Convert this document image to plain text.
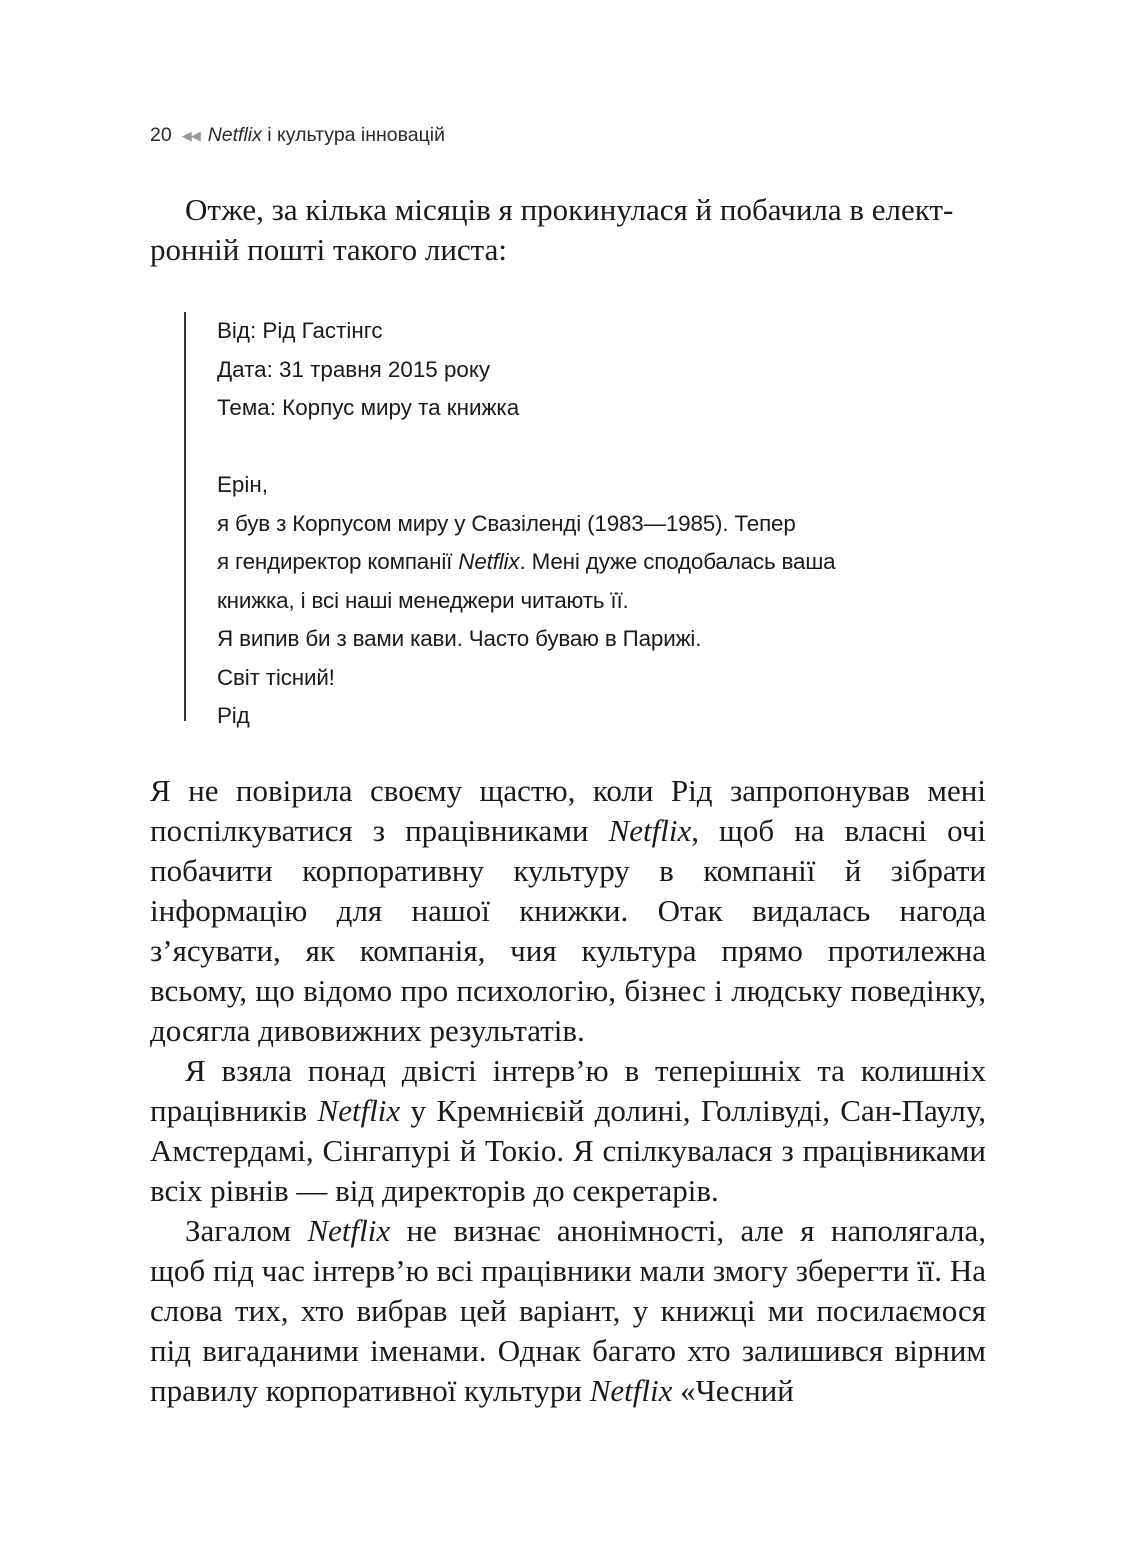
20 ◀◀ Netflix і культура інновацій

Отже, за кілька місяців я прокинулася й побачила в елект-

ронній пошті такого листа:

Від: Рід Гастінгс
Дата: 31 травня 2015 року
Тема: Корпус миру та книжка
Ерін,
я був з Корпусом миру у Свазіленді (1983—1985). Тепер
я гендиректор компанії Netflix. Мені дуже сподобалась ваша
книжка, і всі наші менеджери читають її.
Я випив би з вами кави. Часто буваю в Парижі.
Світ тісний!
Рід

Я не повірила своєму щастю, коли Рід запропонував мені поспілкуватися з працівниками Netflix, щоб на власні очі побачити корпоративну культуру в компанії й зібрати інформацію для нашої книжки. Отак видалась нагода з’ясувати, як компанія, чия культура прямо протилежна всьому, що відомо про психологію, бізнес і людську поведінку, досягла дивовижних результатів.

Я взяла понад двісті інтерв’ю в теперішніх та колишніх працівників Netflix у Кремнієвій долині, Голлівуді, Сан-Паулу, Амстердамі, Сінгапурі й Токіо. Я спілкувалася з працівниками всіх рівнів — від директорів до секретарів.

Загалом Netflix не визнає анонімності, але я наполягала, щоб під час інтерв’ю всі працівники мали змогу зберегти її. На слова тих, хто вибрав цей варіант, у книжці ми посилаємося під вигаданими іменами. Однак багато хто залишився вірним правилу корпоративної культури Netflix «Чесний
